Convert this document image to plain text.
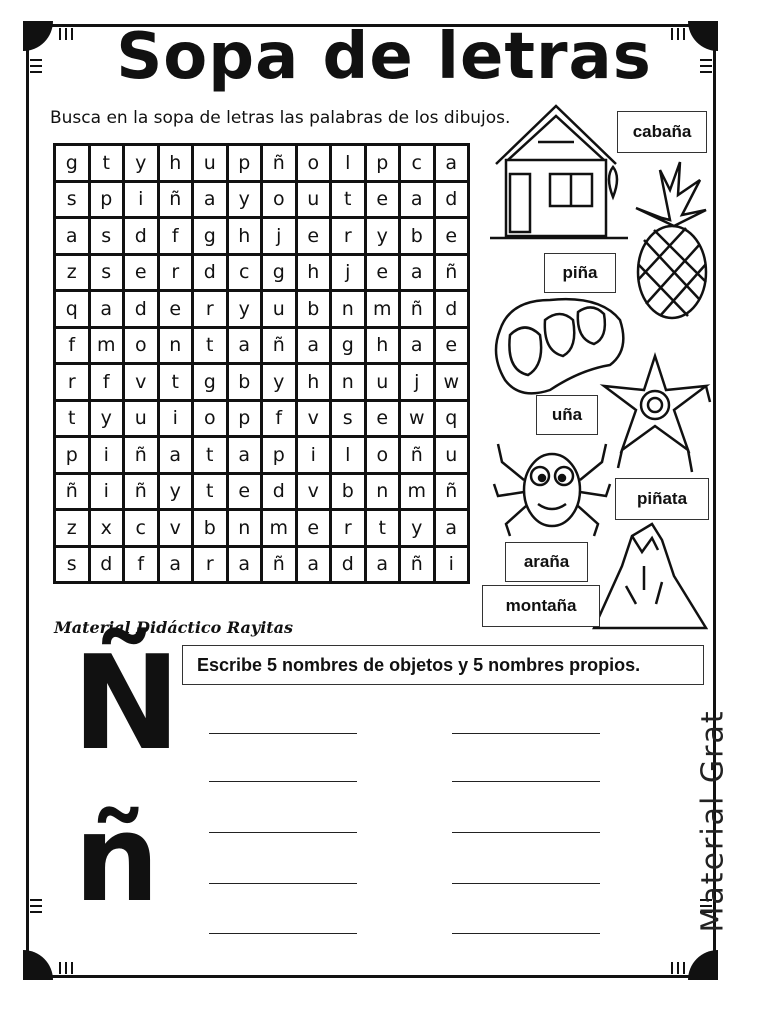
Sopa de letras

Busca en la sopa de letras las palabras de los dibujos.

g	t	y	h	u	p	ñ	o	l	p	c	a
s	p	i	ñ	a	y	o	u	t	e	a	d
a	s	d	f	g	h	j	e	r	y	b	e
z	s	e	r	d	c	g	h	j	e	a	ñ
q	a	d	e	r	y	u	b	n	m	ñ	d
f	m	o	n	t	a	ñ	a	g	h	a	e
r	f	v	t	g	b	y	h	n	u	j	w
t	y	u	i	o	p	f	v	s	e	w	q
p	i	ñ	a	t	a	p	i	l	o	ñ	u
ñ	i	ñ	y	t	e	d	v	b	n	m	ñ
z	x	c	v	b	n	m	e	r	t	y	a
s	d	f	a	r	a	ñ	a	d	a	ñ	i
Material Didáctico Rayitas
cabaña
piña
uña
piñata
araña
montaña
Escribe 5 nombres de objetos y 5 nombres propios.
Ñ
ñ	Material Grat
